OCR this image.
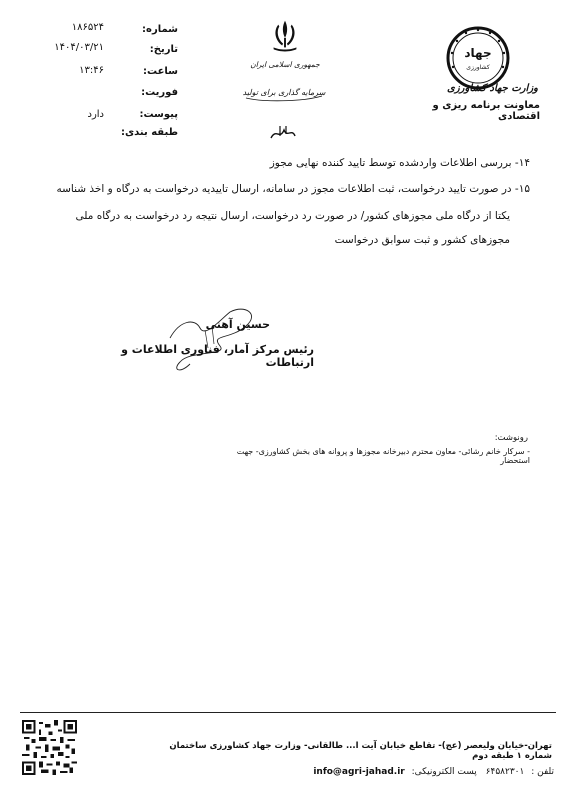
شماره:
۱۸۶۵۲۴
تاریخ:
۱۴۰۴/۰۳/۲۱
ساعت:
۱۳:۴۶
فوریت:
پیوست:
دارد
طبقه بندی:
جمهوری اسلامی ایران
سرمایه گذاری برای تولید
جهاد
کشاورزی
وزارت جهاد کشاورزی
معاونت برنامه ریزی و اقتصادی
۱۴- بررسی اطلاعات واردشده توسط تایید کننده نهایی مجوز
۱۵- در صورت تایید درخواست، ثبت اطلاعات مجوز در سامانه، ارسال تاییدیه درخواست به درگاه و اخذ شناسه
یکتا از درگاه ملی مجوزهای کشور/ در صورت رد درخواست، ارسال نتیجه رد درخواست به درگاه ملی
مجوزهای کشور و ثبت سوابق درخواست
حسین آهنی
رئیس مرکز آمار، فناوری اطلاعات و ارتباطات
رونوشت:
- سرکار خانم رشائی- معاون محترم دبیرخانه مجوزها و پروانه های بخش کشاورزی- جهت استحضار
تهران-خیابان ولیعصر (عج)- تقاطع خیابان آیت ا... طالقانی- وزارت جهاد کشاورزی ساختمان شماره ۱ طبقه دوم
تلفن : ۶۴۵۸۲۳۰۱ پست الکترونیکی: info@agri-jahad.ir
